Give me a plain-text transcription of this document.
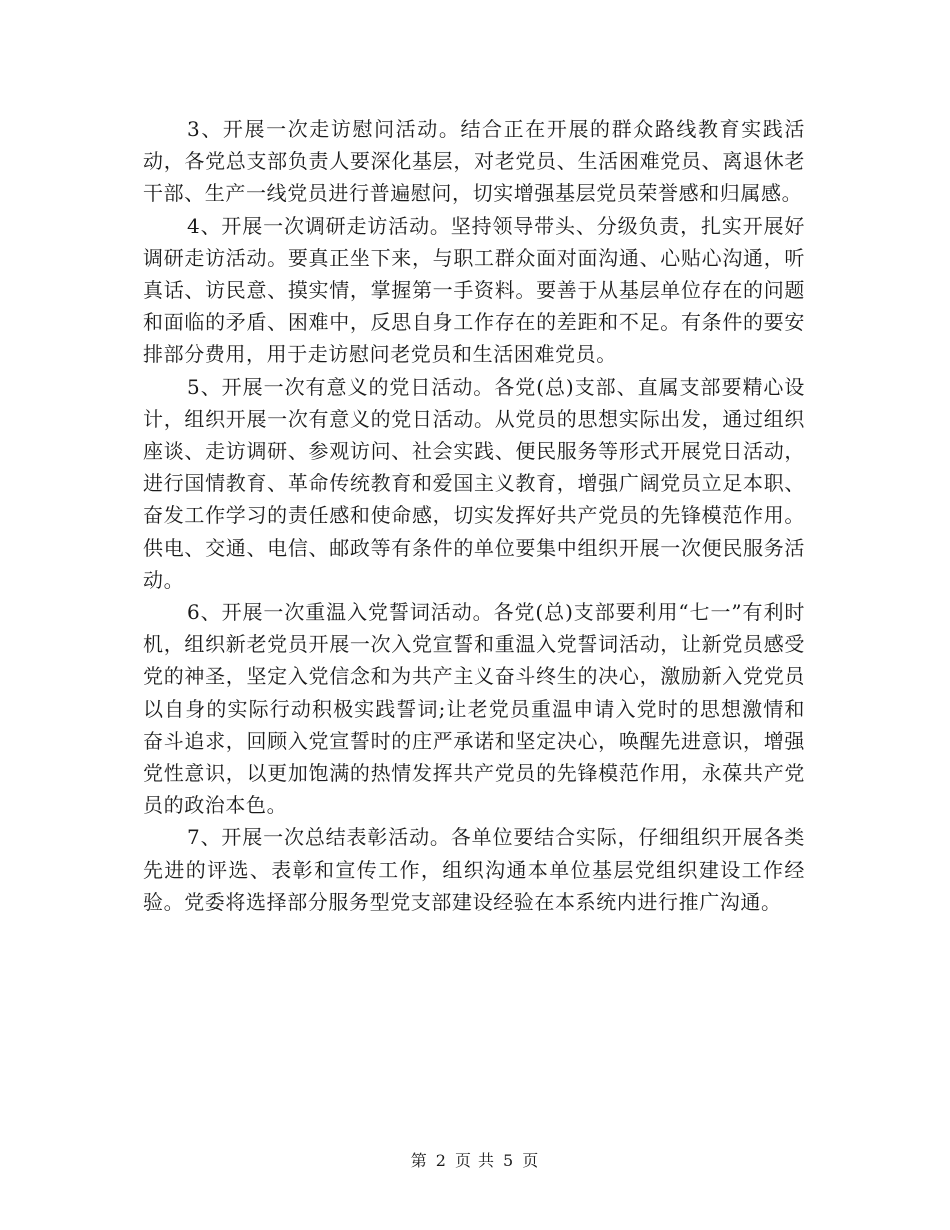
3、开展一次走访慰问活动。结合正在开展的群众路线教育实践活动，各党总支部负责人要深化基层，对老党员、生活困难党员、离退休老干部、生产一线党员进行普遍慰问，切实增强基层党员荣誉感和归属感。

4、开展一次调研走访活动。坚持领导带头、分级负责，扎实开展好调研走访活动。要真正坐下来，与职工群众面对面沟通、心贴心沟通，听真话、访民意、摸实情，掌握第一手资料。要善于从基层单位存在的问题和面临的矛盾、困难中，反思自身工作存在的差距和不足。有条件的要安排部分费用，用于走访慰问老党员和生活困难党员。

5、开展一次有意义的党日活动。各党(总)支部、直属支部要精心设计，组织开展一次有意义的党日活动。从党员的思想实际出发，通过组织座谈、走访调研、参观访问、社会实践、便民服务等形式开展党日活动，进行国情教育、革命传统教育和爱国主义教育，增强广阔党员立足本职、奋发工作学习的责任感和使命感，切实发挥好共产党员的先锋模范作用。供电、交通、电信、邮政等有条件的单位要集中组织开展一次便民服务活动。

6、开展一次重温入党誓词活动。各党(总)支部要利用“七一”有利时机，组织新老党员开展一次入党宣誓和重温入党誓词活动，让新党员感受党的神圣，坚定入党信念和为共产主义奋斗终生的决心，激励新入党党员以自身的实际行动积极实践誓词;让老党员重温申请入党时的思想激情和奋斗追求，回顾入党宣誓时的庄严承诺和坚定决心，唤醒先进意识，增强党性意识，以更加饱满的热情发挥共产党员的先锋模范作用，永葆共产党员的政治本色。

7、开展一次总结表彰活动。各单位要结合实际，仔细组织开展各类先进的评选、表彰和宣传工作，组织沟通本单位基层党组织建设工作经验。党委将选择部分服务型党支部建设经验在本系统内进行推广沟通。

第 2 页 共 5 页
